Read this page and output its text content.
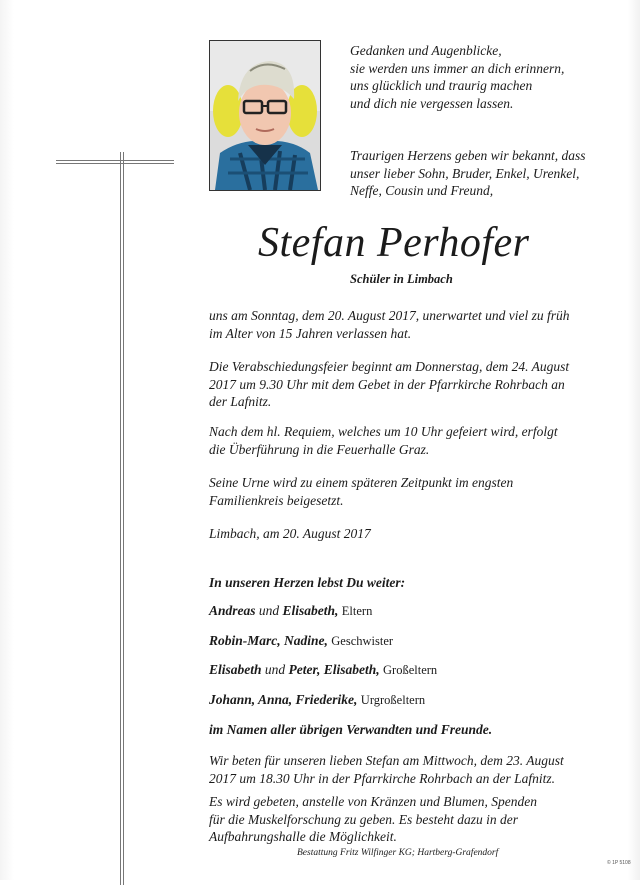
Gedanken und Augenblicke,
sie werden uns immer an dich erinnern,
uns glücklich und traurig machen
und dich nie vergessen lassen.
Traurigen Herzens geben wir bekannt, dass
unser lieber Sohn, Bruder, Enkel, Urenkel,
Neffe, Cousin und Freund,
Stefan Perhofer
Schüler in Limbach
uns am Sonntag, dem 20. August 2017, unerwartet und viel zu früh
im Alter von 15 Jahren verlassen hat.
Die Verabschiedungsfeier beginnt am Donnerstag, dem 24. August
2017 um 9.30 Uhr mit dem Gebet in der Pfarrkirche Rohrbach an
der Lafnitz.
Nach dem hl. Requiem, welches um 10 Uhr gefeiert wird, erfolgt
die Überführung in die Feuerhalle Graz.
Seine Urne wird zu einem späteren Zeitpunkt im engsten
Familienkreis beigesetzt.
Limbach, am 20. August 2017
In unseren Herzen lebst Du weiter:
Andreas und Elisabeth, Eltern
Robin-Marc, Nadine, Geschwister
Elisabeth und Peter, Elisabeth, Großeltern
Johann, Anna, Friederike, Urgroßeltern
im Namen aller übrigen Verwandten und Freunde.
Wir beten für unseren lieben Stefan am Mittwoch, dem 23. August
2017 um 18.30 Uhr in der Pfarrkirche Rohrbach an der Lafnitz.
Es wird gebeten, anstelle von Kränzen und Blumen, Spenden
für die Muskelforschung zu geben. Es besteht dazu in der
Aufbahrungshalle die Möglichkeit.
Bestattung Fritz Wilfinger KG; Hartberg-Grafendorf
© 1P 5108
